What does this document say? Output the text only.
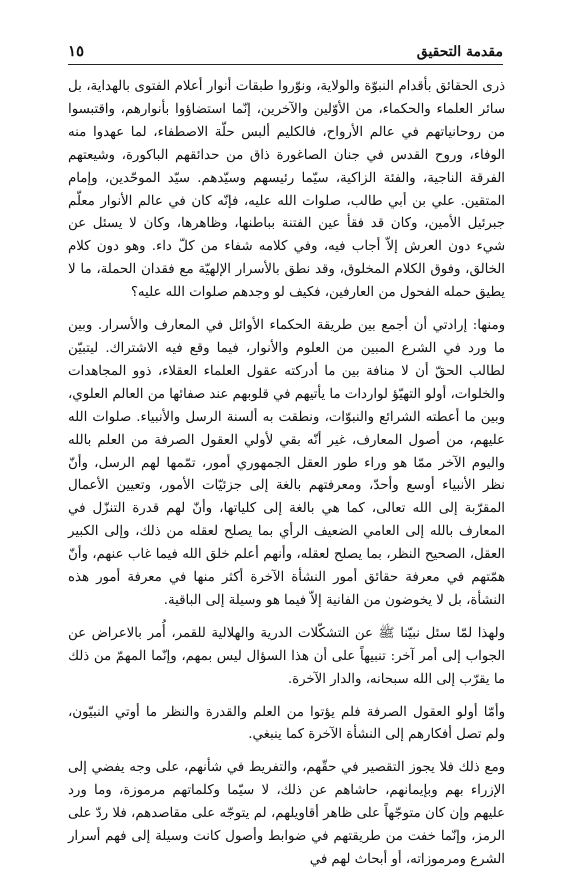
مقدمة التحقيق
١٥

ذرى الحقائق بأقدام النبوّة والولاية، ونوّروا طبقات أنوار أعلام الفتوى بالهداية، بل سائر العلماء والحكماء، من الأوّلين والآخرين، إنّما استضاؤوا بأنوارهم، واقتبسوا من روحانياتهم في عالم الأرواح، فالكليم ألبس حلّة الاصطفاء، لما عهدوا منه الوفاء، وروح القدس في جنان الصاغورة ذاق من حدائقهم الباكورة، وشيعتهم الفرقة الناجية، والفئة الزاكية، سيّما رئيسهم وسيّدهم. سيّد الموحّدين، وإمام المتقين. علي بن أبي طالب، صلوات الله عليه، فإنّه كان في عالم الأنوار معلّم جبرئيل الأمين، وكان قد فقأ عين الفتنة بباطنها، وظاهرها، وكان لا يسئل عن شيء دون العرش إلاّ أجاب فيه، وفي كلامه شفاء من كلّ داء. وهو دون كلام الخالق، وفوق الكلام المخلوق، وقد نطق بالأسرار الإلهيّة مع فقدان الحملة، ما لا يطيق حمله الفحول من العارفين، فكيف لو وجدهم صلوات الله عليه؟

ومنها: إرادتي أن أجمع بين طريقة الحكماء الأوائل في المعارف والأسرار. وبين ما ورد في الشرع المبين من العلوم والأنوار، فيما وقع فيه الاشتراك. ليتبيّن لطالب الحقّ أن لا منافة بين ما أدركته عقول العلماء العقلاء، ذوو المجاهدات والخلوات، أولو التهيّؤ لواردات ما يأتيهم في قلوبهم عند صفائها من العالم العلوي، وبين ما أعطته الشرائع والنبوّات، ونطقت به ألسنة الرسل والأنبياء. صلوات الله عليهم، من أصول المعارف، غير أنّه بقي لأولي العقول الصرفة من العلم بالله واليوم الآخر ممّا هو وراء طور العقل الجمهوري أمور، تمّمها لهم الرسل، وأنّ نظر الأنبياء أوسع وأحدّ، ومعرفتهم بالغة إلى جزئيّات الأمور، وتعيين الأعمال المقرّبة إلى الله تعالى، كما هي بالغة إلى كلياتها، وأنّ لهم قدرة التنزّل في المعارف بالله إلى العامي الضعيف الرأي بما يصلح لعقله من ذلك، وإلى الكبير العقل، الصحيح النظر، بما يصلح لعقله، وأنهم أعلم خلق الله فيما غاب عنهم، وأنّ همّتهم في معرفة حقائق أمور النشأة الآخرة أكثر منها في معرفة أمور هذه النشأة، بل لا يخوضون من الفانية إلاّ فيما هو وسيلة إلى الباقية.

ولهذا لمّا سئل نبيّنا ﷺ عن التشكّلات الدرية والهلالية للقمر، أُمر بالاعراض عن الجواب إلى أمر آخر: تنبيهاً على أن هذا السؤال ليس بمهم، وإنّما المهمّ من ذلك ما يقرّب إلى الله سبحانه، والدار الآخرة.

وأمّا أولو العقول الصرفة فلم يؤتوا من العلم والقدرة والنظر ما أوتي النبيّون، ولم تصل أفكارهم إلى النشأة الآخرة كما ينبغي.

ومع ذلك فلا يجوز التقصير في حقّهم، والتفريط في شأنهم، على وجه يفضي إلى الإزراء بهم وبإيمانهم، حاشاهم عن ذلك، لا سيّما وكلماتهم مرموزة، وما ورد عليهم وإن كان متوجّهاً على ظاهر أقاويلهم، لم يتوجّه على مقاصدهم، فلا ردّ على الرمز، وإنّما خفت من طريقتهم في ضوابط وأصول كانت وسيلة إلى فهم أسرار الشرع ومرموزاته، أو أبحاث لهم في
